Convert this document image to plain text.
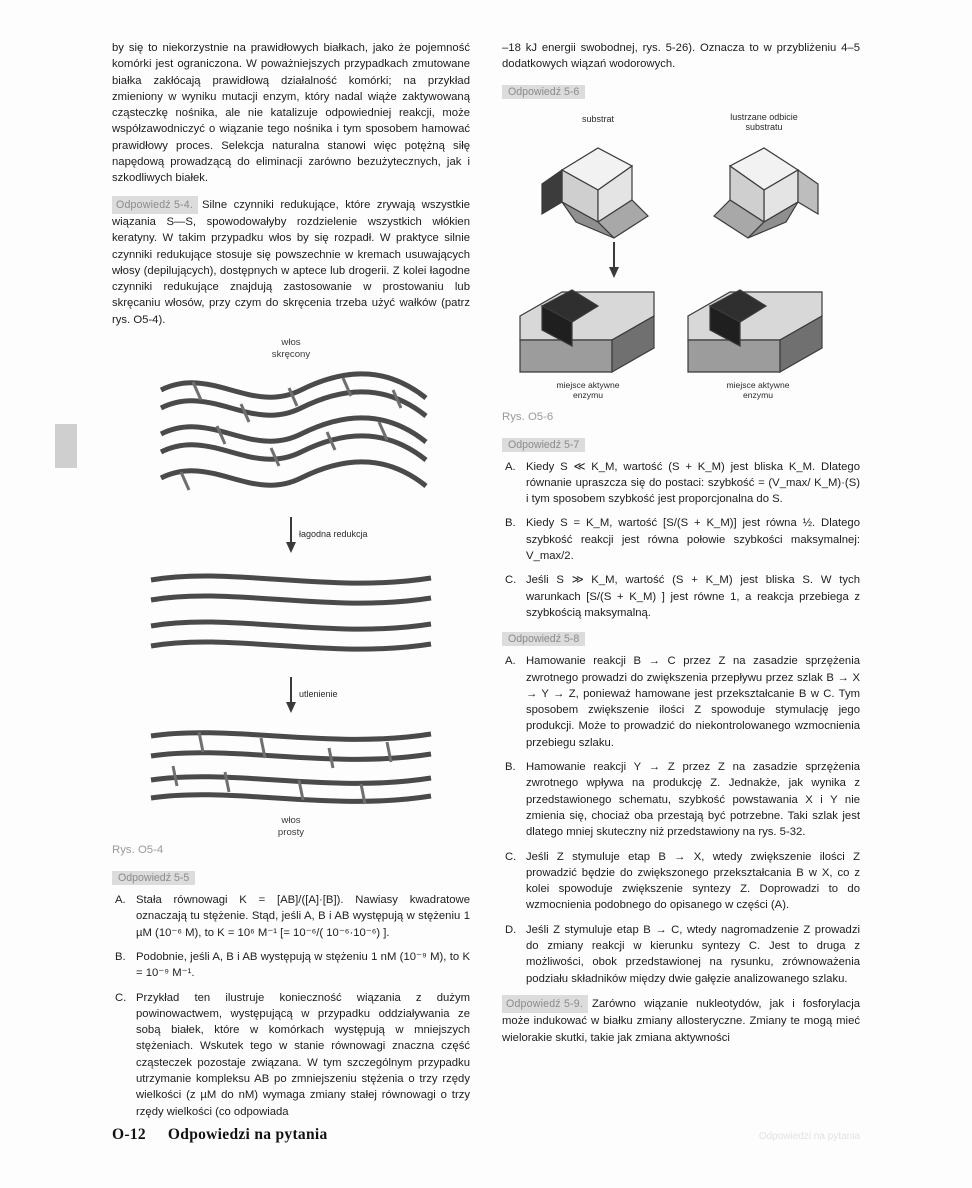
by się to niekorzystnie na prawidłowych białkach, jako że pojemność komórki jest ograniczona. W poważniejszych przypadkach zmutowane białka zakłócają prawidłową działalność komórki; na przykład zmieniony w wyniku mutacji enzym, który nadal wiąże zaktywowaną cząsteczkę nośnika, ale nie katalizuje odpowiedniej reakcji, może współzawodniczyć o wiązanie tego nośnika i tym sposobem hamować prawidłowy proces. Selekcja naturalna stanowi więc potężną siłę napędową prowadzącą do eliminacji zarówno bezużytecznych, jak i szkodliwych białek.
Odpowiedź 5-4. Silne czynniki redukujące, które zrywają wszystkie wiązania S—S, spowodowałyby rozdzielenie wszystkich włókien keratyny. W takim przypadku włos by się rozpadł. W praktyce silnie czynniki redukujące stosuje się powszechnie w kremach usuwających włosy (depilujących), dostępnych w aptece lub drogerii. Z kolei łagodne czynniki redukujące znajdują zastosowanie w prostowaniu lub skręcaniu włosów, przy czym do skręcenia trzeba użyć wałków (patrz rys. O5-4).
włos
skręcony

łagodna redukcja

utlenienie

włos
prosty
Rys. O5-4
Odpowiedź 5-5
A. Stała równowagi K = [AB]/([A]·[B]). Nawiasy kwadratowe oznaczają tu stężenie. Stąd, jeśli A, B i AB występują w stężeniu 1 µM (10⁻⁶ M), to K = 10⁶ M⁻¹ [= 10⁻⁶/( 10⁻⁶·10⁻⁶) ].
B. Podobnie, jeśli A, B i AB występują w stężeniu 1 nM (10⁻⁹ M), to K = 10⁻⁹ M⁻¹.
C. Przykład ten ilustruje konieczność wiązania z dużym powinowactwem, występującą w przypadku oddziaływania ze sobą białek, które w komórkach występują w mniejszych stężeniach. Wskutek tego w stanie równowagi znaczna część cząsteczek pozostaje związana. W tym szczególnym przypadku utrzymanie kompleksu AB po zmniejszeniu stężenia o trzy rzędy wielkości (z µM do nM) wymaga zmiany stałej równowagi o trzy rzędy wielkości (co odpowiada
–18 kJ energii swobodnej, rys. 5-26). Oznacza to w przybliżeniu 4–5 dodatkowych wiązań wodorowych.
Odpowiedź 5-6
substrat	lustrzane odbicie
substratu
miejsce aktywne
enzymu
miejsce aktywne
enzymu
Rys. O5-6
Odpowiedź 5-7
A. Kiedy S ≪ K_M, wartość (S + K_M) jest bliska K_M. Dlatego równanie upraszcza się do postaci: szybkość = (V_max/ K_M)·(S) i tym sposobem szybkość jest proporcjonalna do S.
B. Kiedy S = K_M, wartość [S/(S + K_M)] jest równa ½. Dlatego szybkość reakcji jest równa połowie szybkości maksymalnej: V_max/2.
C. Jeśli S ≫ K_M, wartość (S + K_M) jest bliska S. W tych warunkach [S/(S + K_M) ] jest równe 1, a reakcja przebiega z szybkością maksymalną.
Odpowiedź 5-8
A. Hamowanie reakcji B → C przez Z na zasadzie sprzężenia zwrotnego prowadzi do zwiększenia przepływu przez szlak B → X → Y → Z, ponieważ hamowane jest przekształcanie B w C. Tym sposobem zwiększenie ilości Z spowoduje stymulację jego produkcji. Może to prowadzić do niekontrolowanego wzmocnienia przebiegu szlaku.
B. Hamowanie reakcji Y → Z przez Z na zasadzie sprzężenia zwrotnego wpływa na produkcję Z. Jednakże, jak wynika z przedstawionego schematu, szybkość powstawania X i Y nie zmienia się, chociaż oba przestają być potrzebne. Taki szlak jest dlatego mniej skuteczny niż przedstawiony na rys. 5-32.
C. Jeśli Z stymuluje etap B → X, wtedy zwiększenie ilości Z prowadzić będzie do zwiększonego przekształcania B w X, co z kolei spowoduje zwiększenie syntezy Z. Doprowadzi to do wzmocnienia podobnego do opisanego w części (A).
D. Jeśli Z stymuluje etap B → C, wtedy nagromadzenie Z prowadzi do zmiany reakcji w kierunku syntezy C. Jest to druga z możliwości, obok przedstawionej na rysunku, zrównoważenia podziału składników między dwie gałęzie analizowanego szlaku.
Odpowiedź 5-9. Zarówno wiązanie nukleotydów, jak i fosforylacja może indukować w białku zmiany allosteryczne. Zmiany te mogą mieć wielorakie skutki, takie jak zmiana aktywności
O-12 Odpowiedzi na pytania	Odpowiedzi na pytania
